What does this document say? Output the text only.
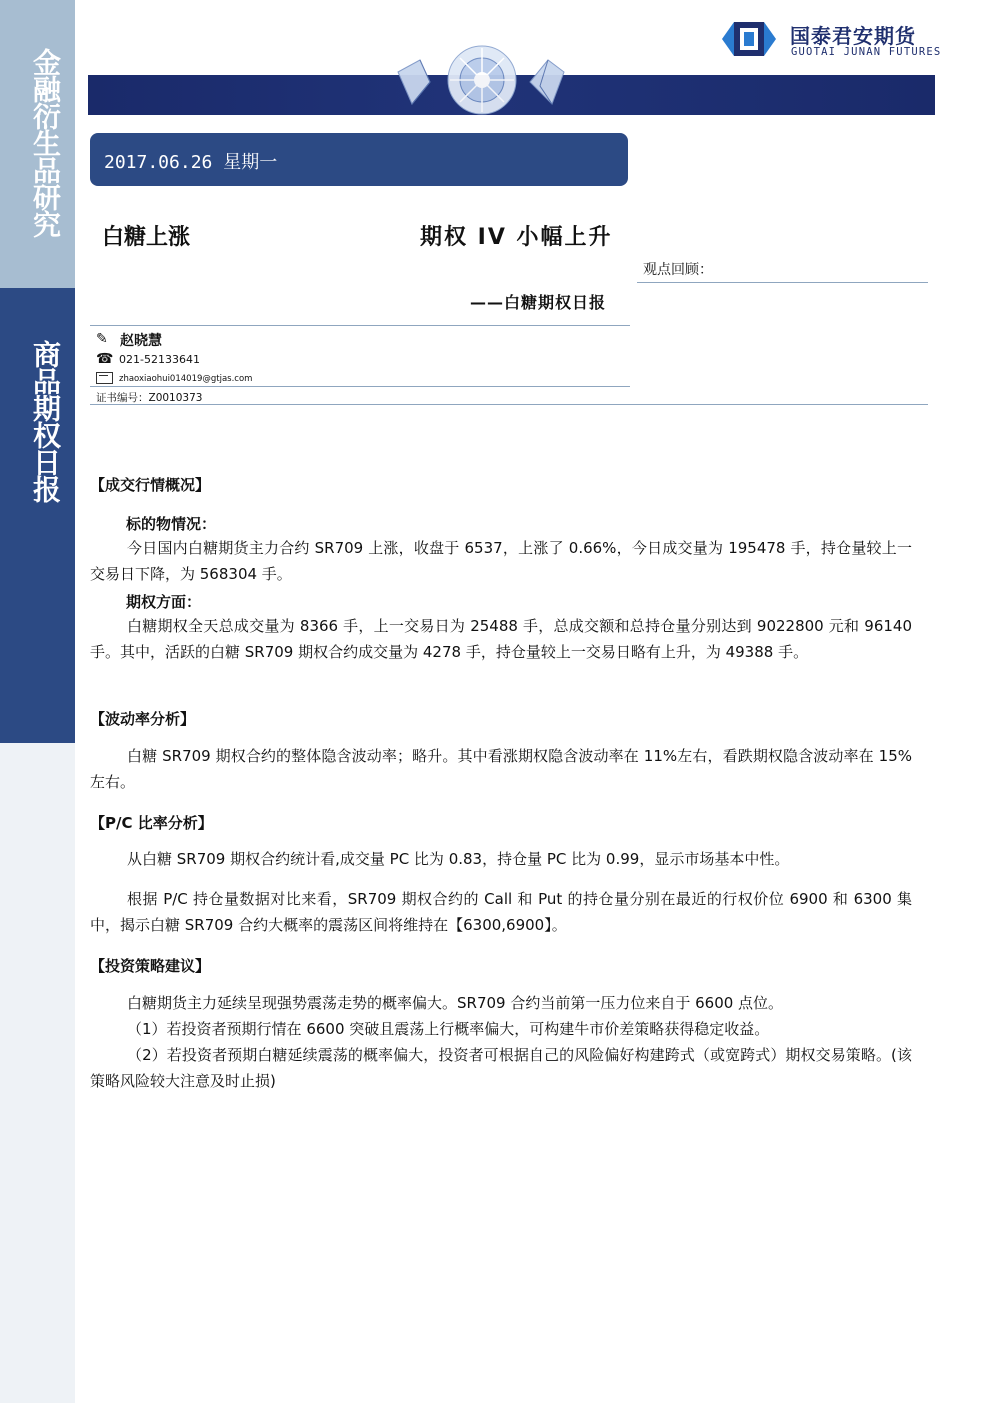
金融衍生品研究
商品期权日报
国泰君安期货
GUOTAI JUNAN FUTURES
2017.06.26 星期一
白糖上涨	期权 IV 小幅上升
——白糖期权日报
观点回顾：
✎ 赵晓慧
☎ 021-52133641
zhaoxiaohui014019@gtjas.com
证书编号：Z0010373
【成交行情概况】
标的物情况：
今日国内白糖期货主力合约 SR709 上涨，收盘于 6537，上涨了 0.66%，今日成交量为 195478 手，持仓量较上一交易日下降，为 568304 手。
期权方面：
白糖期权全天总成交量为 8366 手，上一交易日为 25488 手，总成交额和总持仓量分别达到 9022800 元和 96140 手。其中，活跃的白糖 SR709 期权合约成交量为 4278 手，持仓量较上一交易日略有上升，为 49388 手。
【波动率分析】
白糖 SR709 期权合约的整体隐含波动率；略升。其中看涨期权隐含波动率在 11%左右，看跌期权隐含波动率在 15%左右。
【P/C 比率分析】
从白糖 SR709 期权合约统计看,成交量 PC 比为 0.83，持仓量 PC 比为 0.99，显示市场基本中性。
根据 P/C 持仓量数据对比来看，SR709 期权合约的 Call 和 Put 的持仓量分别在最近的行权价位 6900 和 6300 集中，揭示白糖 SR709 合约大概率的震荡区间将维持在【6300,6900】。
【投资策略建议】
白糖期货主力延续呈现强势震荡走势的概率偏大。SR709 合约当前第一压力位来自于 6600 点位。
（1）若投资者预期行情在 6600 突破且震荡上行概率偏大，可构建牛市价差策略获得稳定收益。
（2）若投资者预期白糖延续震荡的概率偏大，投资者可根据自己的风险偏好构建跨式（或宽跨式）期权交易策略。(该策略风险较大注意及时止损)
